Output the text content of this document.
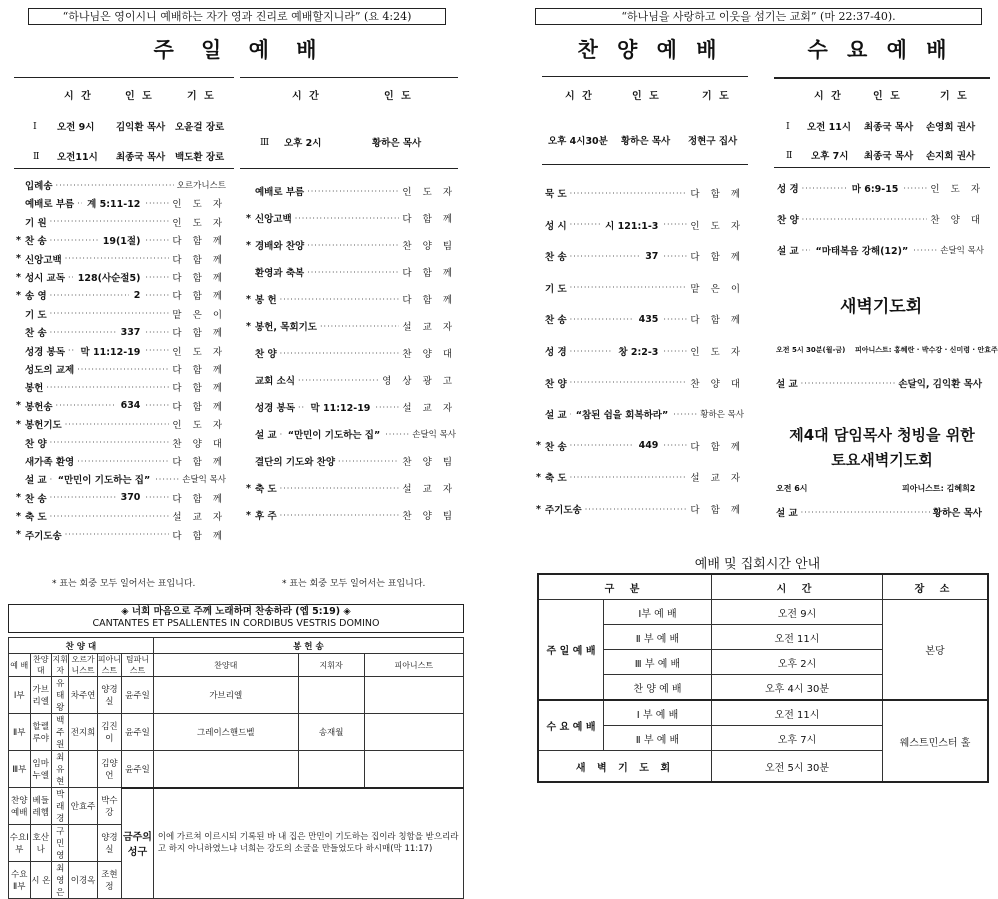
“하나님은 영이시니 예배하는 자가 영과 진리로 예배할지니라” (요 4:24)
주 일 예 배
시 간	인 도	기 도	시 간	인 도
Ⅰ 오전 9시 김익환 목사 오윤걸 장로
Ⅱ 오전11시 최종국 목사 백도환 장로
Ⅲ 오후 2시	황하은 목사
입례송 ·····	오르가니스트
예배로 부름 ····· 계 5:11-12 ·····	인 도 자
기 원 ·····	인 도 자
* 찬 송 ·····	19(1절) ·····	다 함 께
* 신앙고백 ·····	다 함 께
* 성시 교독 ····· 128(사순절5) ·····	다 함 께
* 송 영 ·····	2 ·····	다 함 께
기 도 ·····	맡 은 이
찬 송 ·····	337 ·····	다 함 께
성경 봉독 ····· 막 11:12-19 ·····	인 도 자
성도의 교제 ·····	다 함 께
봉헌 ·····	다 함 께
* 봉헌송 ·····	634 ·····	다 함 께
* 봉헌기도 ·····	인 도 자
찬 양 ·····	찬 양 대
새가족 환영 ·····	다 함 께
설 교 ····· “만민이 기도하는 집” ·····	손달익 목사
* 찬 송 ·····	370 ·····	다 함 께
* 축 도 ·····	설 교 자
* 주기도송 ·····	다 함 께
예배로 부름 ·····	인 도 자
* 신앙고백 ·····	다 함 께
* 경배와 찬양 ·····	찬 양 팀
환영과 축복 ·····	다 함 께
* 봉 헌 ·····	다 함 께
* 봉헌, 목회기도 ·····	설 교 자
찬 양 ·····	찬 양 대
교회 소식 ·····	영 상 광 고
성경 봉독 ····· 막 11:12-19 ·····	설 교 자
설 교 ····· “만민이 기도하는 집” ·····	손달익 목사
결단의 기도와 찬양 ·····	찬 양 팀
* 축 도 ·····	설 교 자
* 후 주 ·····	찬 양 팀
* 표는 회중 모두 일어서는 표입니다.	* 표는 회중 모두 일어서는 표입니다.
◈ 너희 마음으로 주께 노래하며 찬송하라 (엡 5:19) ◈
CANTANTES ET PSALLENTES IN CORDIBUS VESTRIS DOMINO
찬 양 대						봉 헌 송		
예 배	찬양대	지휘자	오르가니스트	피아니스트	팀파니스트	찬양대	지휘자	피아니스트
Ⅰ부	가브리엘	유태왕	차주연	양경실	윤주일	가브리엘		
Ⅱ부	할렐루야	백주원	전지희	김진이	윤주일	그레이스핸드벨	송재월	
Ⅲ부	임마누엘	최유현		김양언	윤주일			
찬양예배	베들레헴	박래경	안효주	박수강	금주의 성구	이에 가르쳐 이르시되 기록된 바 내 집은 만민이 기도하는 집이라 칭함을 받으리라고 하지 아니하였느냐 너희는 강도의 소굴을 만들었도다 하시매(막 11:17)		
수요Ⅰ부	호산나	구민영		양경실				
수요Ⅱ부	시 온	최영은	이경옥	조현정				
“하나님을 사랑하고 이웃을 섬기는 교회” (마 22:37-40).
찬 양 예 배	수 요 예 배
시 간	인 도	기 도
오후 4시30분 황하은 목사 정현구 집사
시 간	인 도	기 도
Ⅰ 오전 11시 최종국 목사 손영희 권사
Ⅱ 오후 7시 최종국 목사 손지희 권사
묵 도 ·····	다 함 께
성 시 ·····	시 121:1-3 ·····	인 도 자
찬 송 ·····	37 ·····	다 함 께
기 도 ·····	맡 은 이
찬 송 ·····	435 ·····	다 함 께
성 경 ·····	창 2:2-3 ·····	인 도 자
찬 양 ·····	찬 양 대
설 교 ····· “참된 쉼을 회복하라” ·····	황하은 목사
* 찬 송 ·····	449 ·····	다 함 께
* 축 도 ·····	설 교 자
* 주기도송 ·····	다 함 께
성 경 ·····	마 6:9-15 ·····	인 도 자
찬 양 ·····	찬 양 대
설 교 ····· “마태복음 강해(12)” ·····	손달익 목사
새벽기도회
오전 5시 30분(월-금) 피아니스트: 홍혜란 · 박수강 · 신미령 · 안효주
설 교 ·····	손달익, 김익환 목사
제4대 담임목사 청빙을 위한
토요새벽기도회
오전 6시	피아니스트: 김혜희2
설 교 ·····	황하은 목사
예배 및 집회시간 안내
구 분		시 간	장 소
주 일 예 배	Ⅰ부 예 배	오전 9시	본당
	Ⅱ 부 예 배	오전 11시	
	Ⅲ 부 예 배	오후 2시	
	찬 양 예 배	오후 4시 30분	
수 요 예 배	Ⅰ 부 예 배	오전 11시	웨스트민스터 홀
	Ⅱ 부 예 배	오후 7시	
새 벽 기 도 회		오전 5시 30분	
